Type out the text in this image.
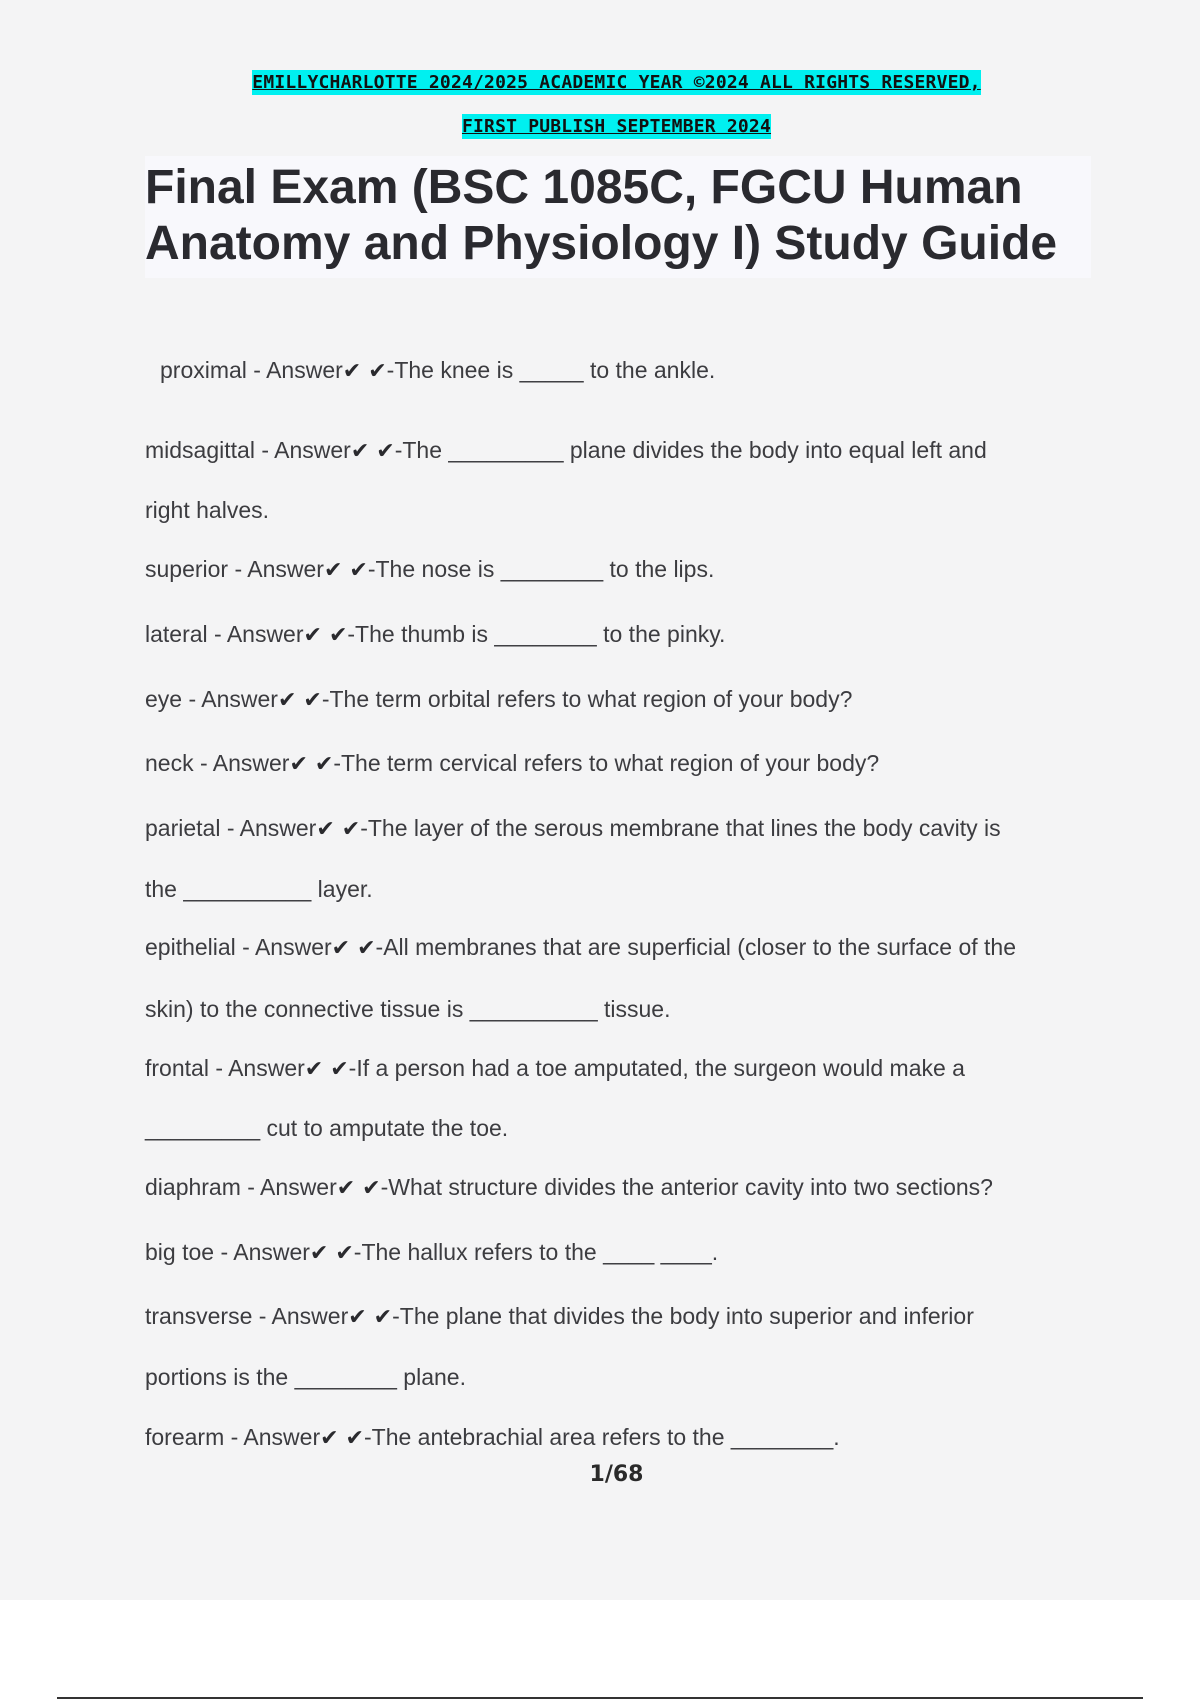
EMILLYCHARLOTTE 2024/2025 ACADEMIC YEAR ©2024 ALL RIGHTS RESERVED,
FIRST PUBLISH SEPTEMBER 2024
Final Exam (BSC 1085C, FGCU Human
Anatomy and Physiology I) Study Guide
proximal - Answer✔ ✔-The knee is _____ to the ankle.
midsagittal - Answer✔ ✔-The _________ plane divides the body into equal left and
right halves.
superior - Answer✔ ✔-The nose is ________ to the lips.
lateral - Answer✔ ✔-The thumb is ________ to the pinky.
eye - Answer✔ ✔-The term orbital refers to what region of your body?
neck - Answer✔ ✔-The term cervical refers to what region of your body?
parietal - Answer✔ ✔-The layer of the serous membrane that lines the body cavity is
the __________ layer.
epithelial - Answer✔ ✔-All membranes that are superficial (closer to the surface of the
skin) to the connective tissue is __________ tissue.
frontal - Answer✔ ✔-If a person had a toe amputated, the surgeon would make a
_________ cut to amputate the toe.
diaphram - Answer✔ ✔-What structure divides the anterior cavity into two sections?
big toe - Answer✔ ✔-The hallux refers to the ____ ____.
transverse - Answer✔ ✔-The plane that divides the body into superior and inferior
portions is the ________ plane.
forearm - Answer✔ ✔-The antebrachial area refers to the ________.
1/68
